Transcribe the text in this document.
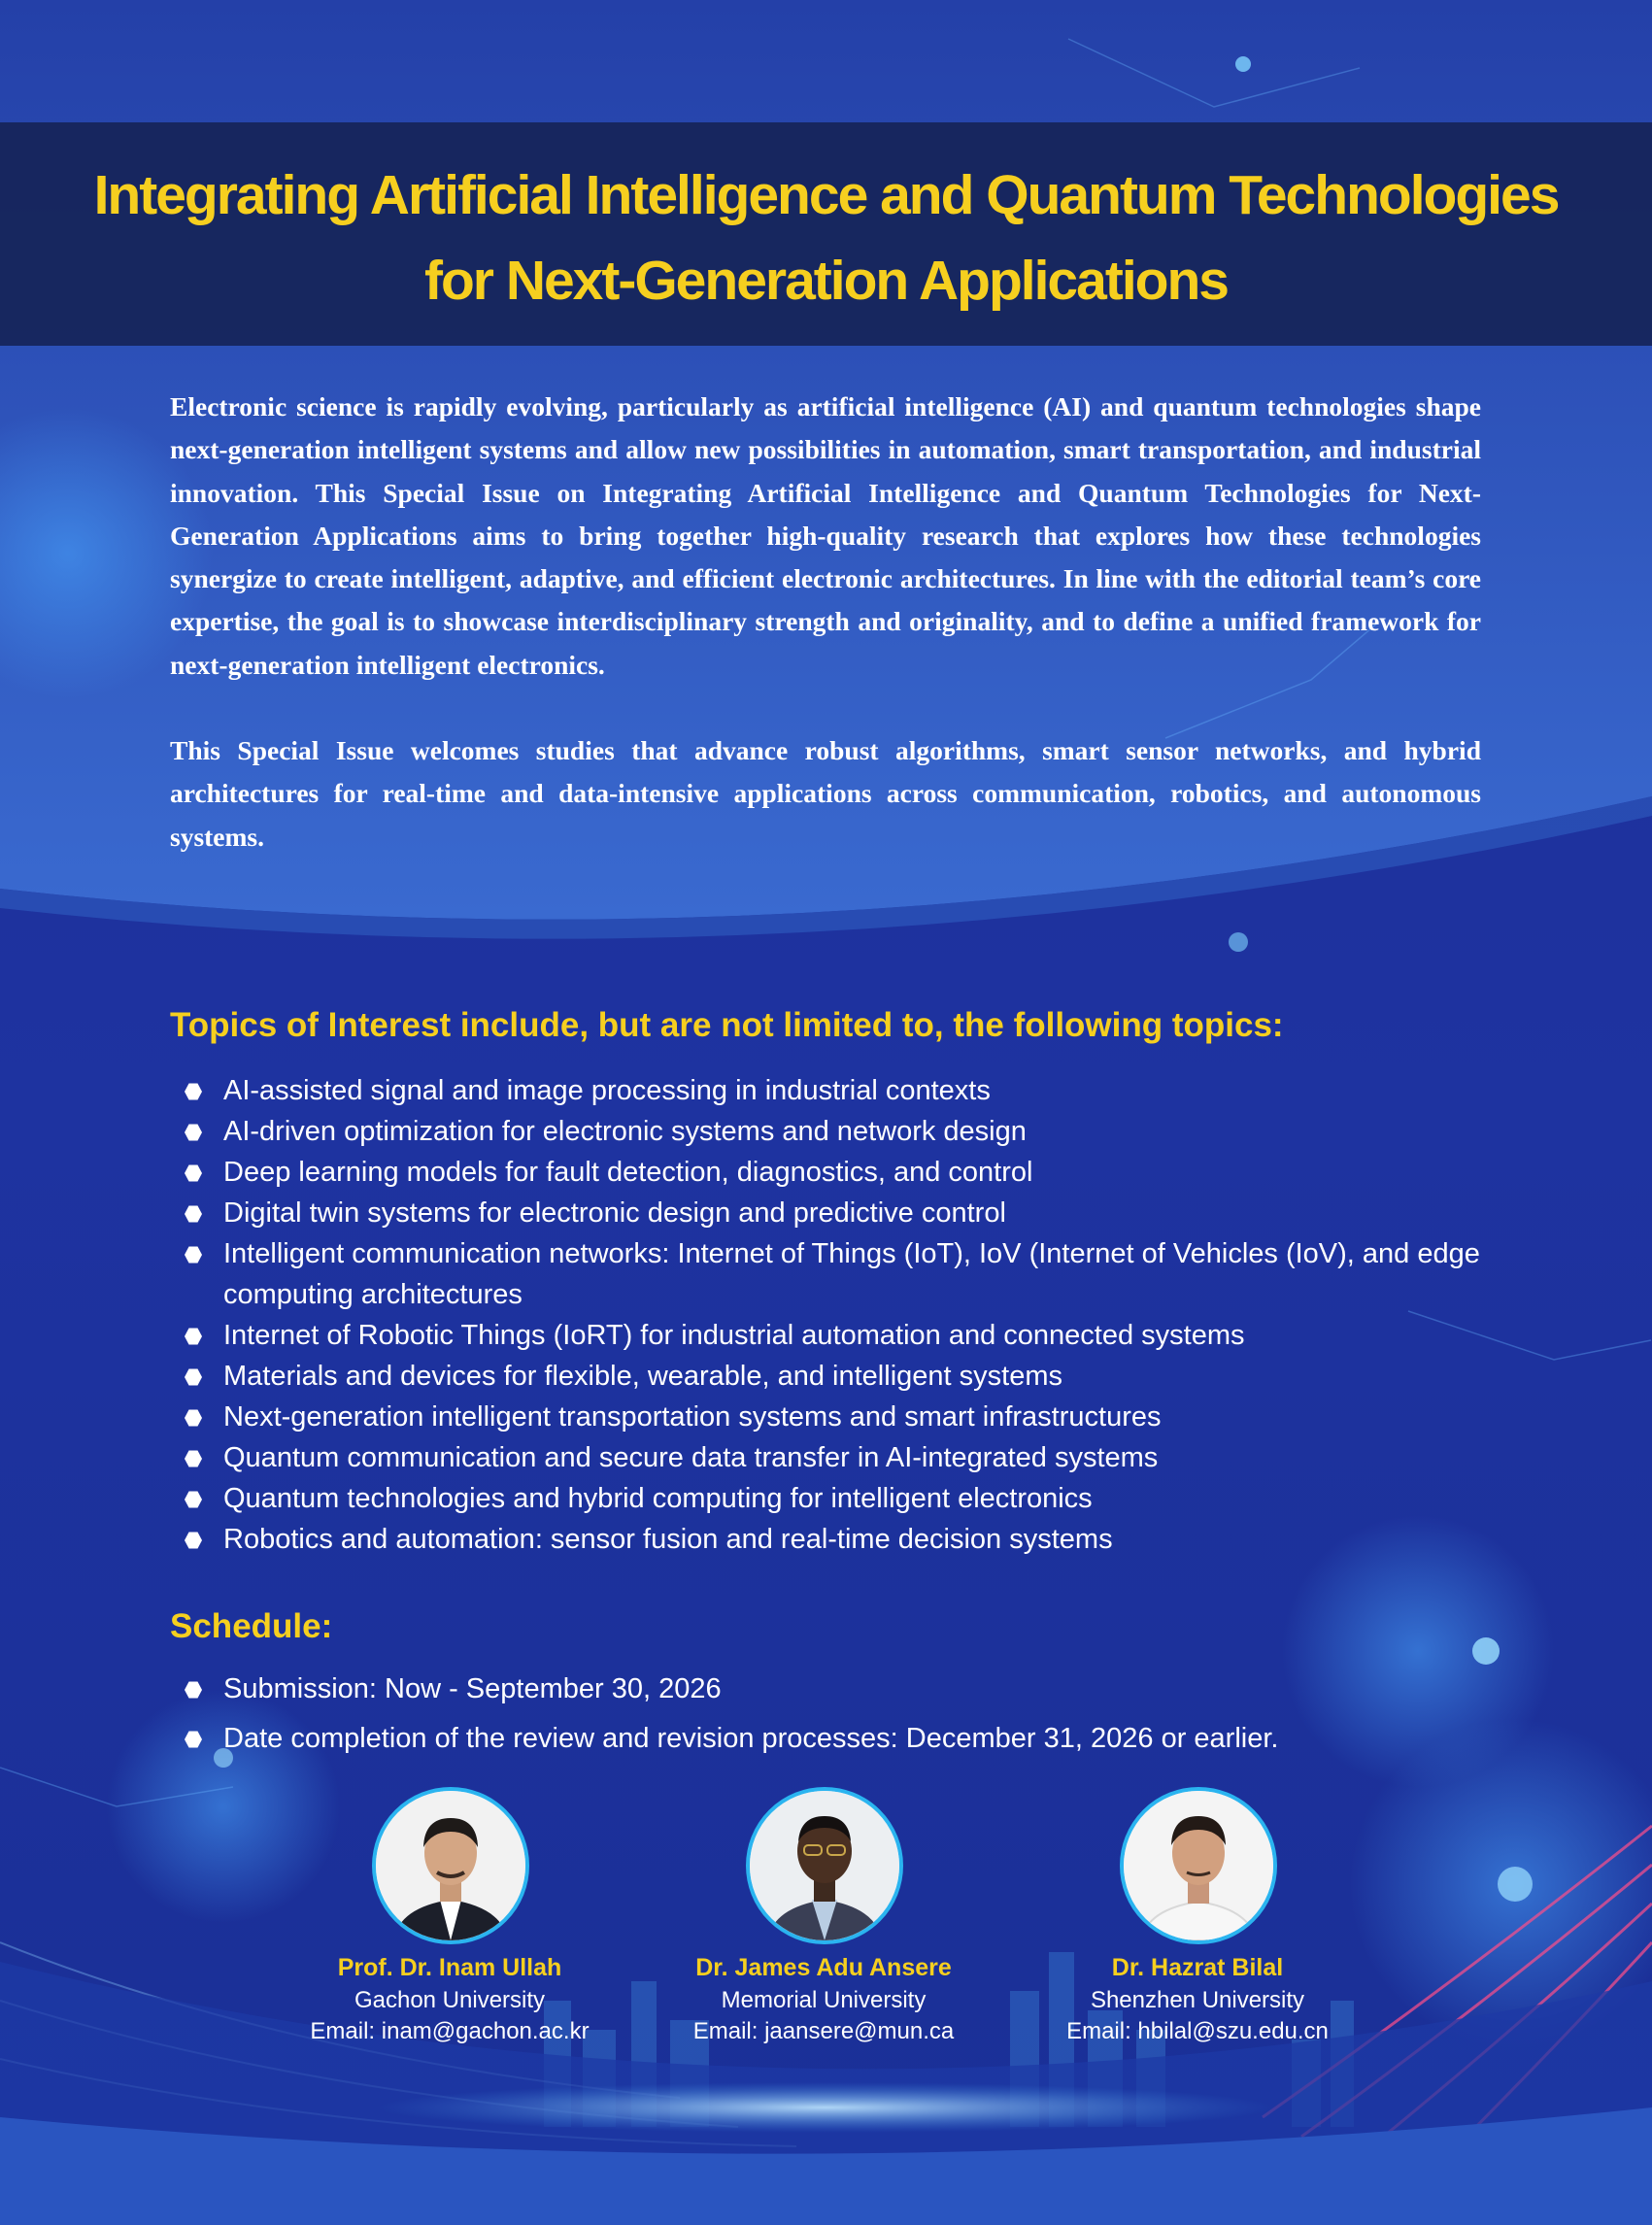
Integrating Artificial Intelligence and Quantum Technologies
for Next-Generation Applications

Electronic science is rapidly evolving, particularly as artificial intelligence (AI) and quantum technologies shape next-generation intelligent systems and allow new possibilities in automation, smart transportation, and industrial innovation. This Special Issue on Integrating Artificial Intelligence and Quantum Technologies for Next-Generation Applications aims to bring together high-quality research that explores how these technologies synergize to create intelligent, adaptive, and efficient electronic architectures. In line with the editorial team’s core expertise, the goal is to showcase interdisciplinary strength and originality, and to define a unified framework for next-generation intelligent electronics.

This Special Issue welcomes studies that advance robust algorithms, smart sensor networks, and hybrid architectures for real-time and data-intensive applications across communication, robotics, and autonomous systems.

Topics of Interest include, but are not limited to, the following topics:
AI-assisted signal and image processing in industrial contexts
AI-driven optimization for electronic systems and network design
Deep learning models for fault detection, diagnostics, and control
Digital twin systems for electronic design and predictive control
Intelligent communication networks: Internet of Things (IoT), IoV (Internet of Vehicles (IoV), and edge computing architectures
Internet of Robotic Things (IoRT) for industrial automation and connected systems
Materials and devices for flexible, wearable, and intelligent systems
Next-generation intelligent transportation systems and smart infrastructures
Quantum communication and secure data transfer in AI-integrated systems
Quantum technologies and hybrid computing for intelligent electronics
Robotics and automation: sensor fusion and real-time decision systems
Schedule:
Submission: Now - September 30, 2026
Date completion of the review and revision processes: December 31, 2026 or earlier.
Prof. Dr. Inam Ullah
Gachon University
Email: inam@gachon.ac.kr
Dr. James Adu Ansere
Memorial University
Email: jaansere@mun.ca
Dr. Hazrat Bilal
Shenzhen University
Email: hbilal@szu.edu.cn
